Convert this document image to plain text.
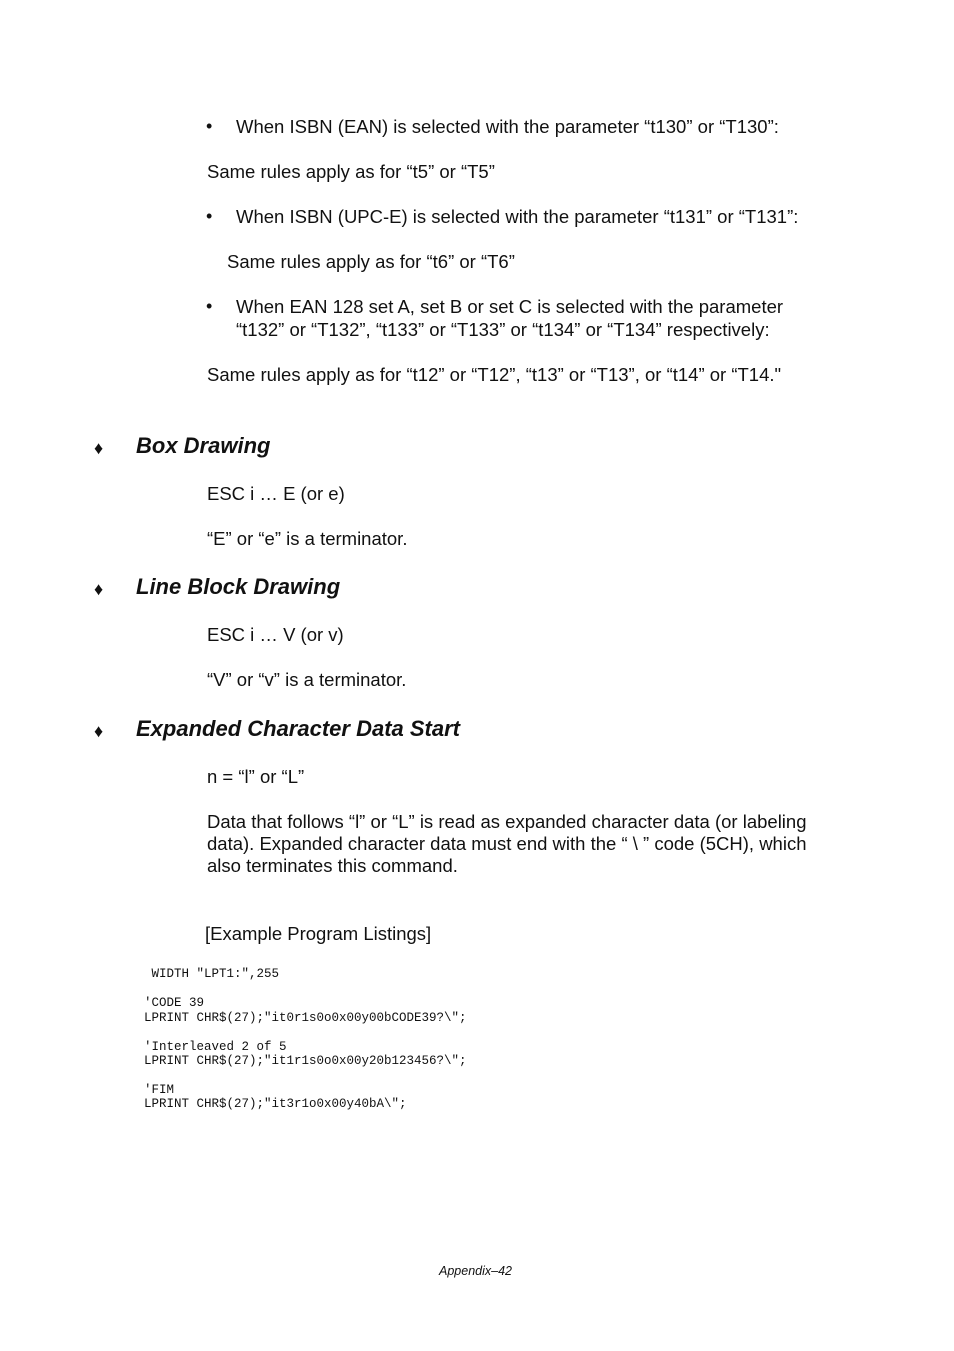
• When ISBN (EAN) is selected with the parameter “t130” or “T130”:
Same rules apply as for “t5” or “T5”
• When ISBN (UPC-E) is selected with the parameter “t131” or “T131”:
Same rules apply as for “t6” or “T6”
• When EAN 128 set A, set B or set C is selected with the parameter
“t132” or “T132”, “t133” or “T133” or “t134” or “T134” respectively:
Same rules apply as for “t12” or “T12”, “t13” or “T13”, or “t14” or “T14."
♦ Box Drawing
ESC i … E (or e)
“E” or “e” is a terminator.
♦ Line Block Drawing
ESC i … V (or v)
“V” or “v” is a terminator.
♦ Expanded Character Data Start
n = “l” or “L”
Data that follows “l” or “L” is read as expanded character data (or labeling
data). Expanded character data must end with the “ \ ” code (5CH), which
also terminates this command.
[Example Program Listings]
WIDTH "LPT1:",255
'CODE 39
LPRINT CHR$(27);"it0r1s0o0x00y00bCODE39?\";
'Interleaved 2 of 5
LPRINT CHR$(27);"it1r1s0o0x00y20b123456?\";
'FIM
LPRINT CHR$(27);"it3r1o0x00y40bA\";
Appendix–42
